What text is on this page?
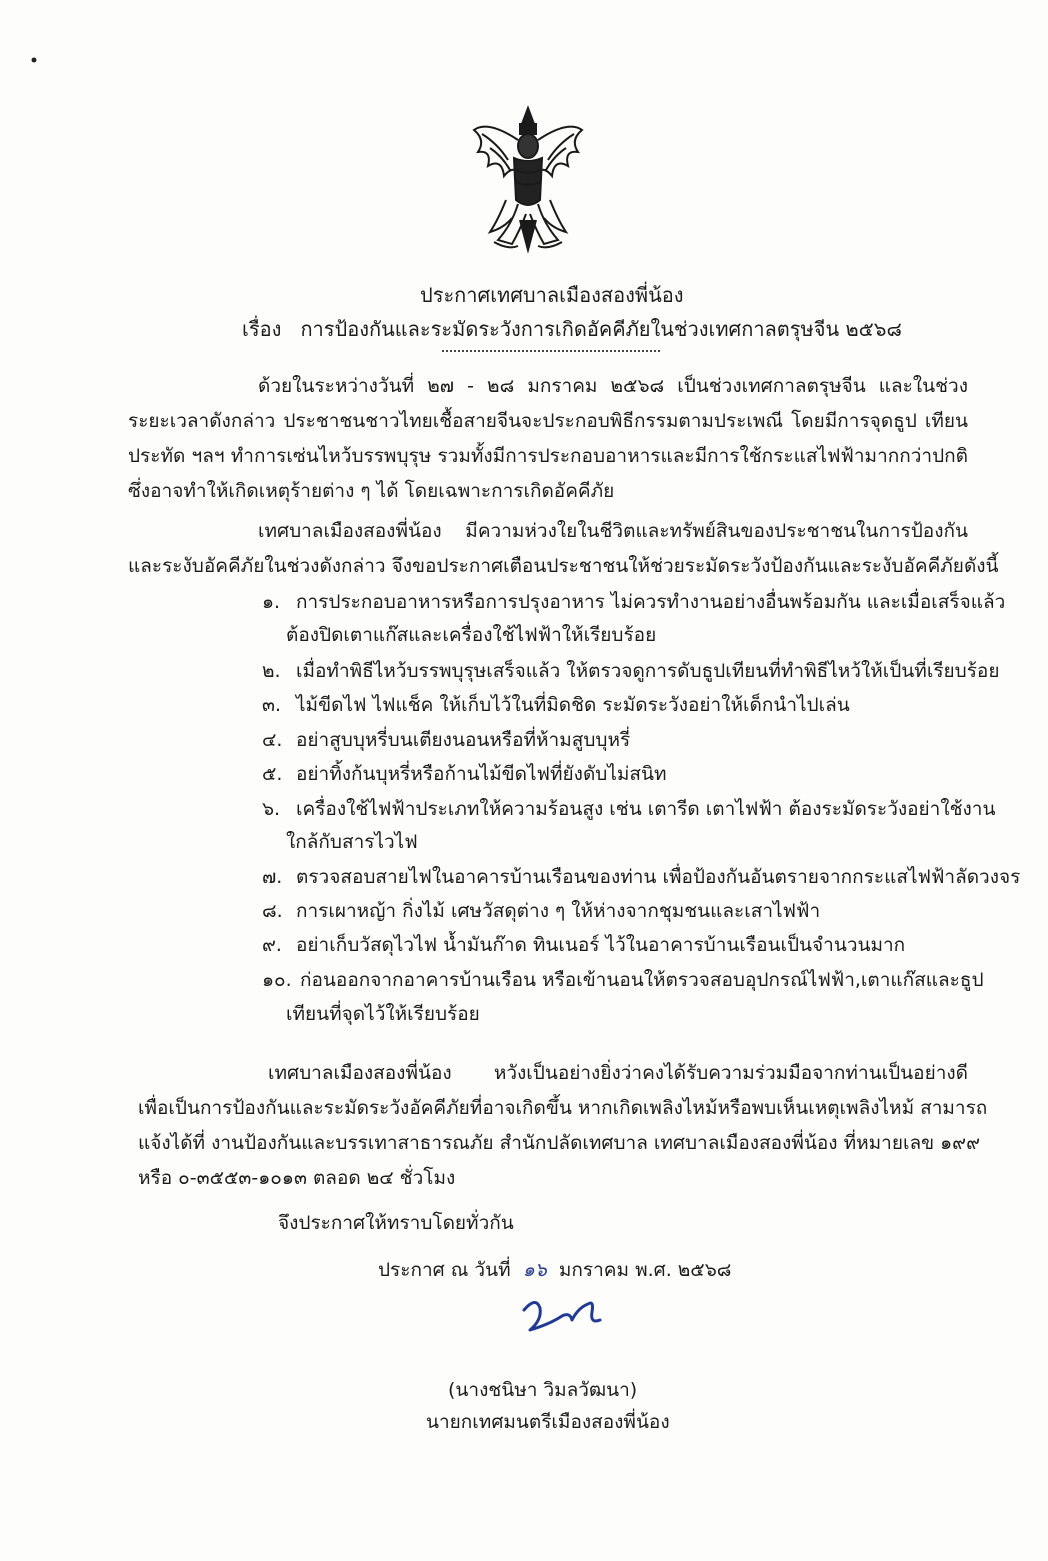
ประกาศเทศบาลเมืองสองพี่น้อง
เรื่อง การป้องกันและระมัดระวังการเกิดอัคคีภัยในช่วงเทศกาลตรุษจีน ๒๕๖๘
ด้วยในระหว่างวันที่ ๒๗ - ๒๘ มกราคม ๒๕๖๘ เป็นช่วงเทศกาลตรุษจีน และในช่วง
ระยะเวลาดังกล่าว ประชาชนชาวไทยเชื้อสายจีนจะประกอบพิธีกรรมตามประเพณี โดยมีการจุดธูป เทียน
ประทัด ฯลฯ ทำการเซ่นไหว้บรรพบุรุษ รวมทั้งมีการประกอบอาหารและมีการใช้กระแสไฟฟ้ามากกว่าปกติ
ซึ่งอาจทำให้เกิดเหตุร้ายต่าง ๆ ได้ โดยเฉพาะการเกิดอัคคีภัย
เทศบาลเมืองสองพี่น้อง มีความห่วงใยในชีวิตและทรัพย์สินของประชาชนในการป้องกัน
และระงับอัคคีภัยในช่วงดังกล่าว จึงขอประกาศเตือนประชาชนให้ช่วยระมัดระวังป้องกันและระงับอัคคีภัยดังนี้
๑. การประกอบอาหารหรือการปรุงอาหาร ไม่ควรทำงานอย่างอื่นพร้อมกัน และเมื่อเสร็จแล้ว
ต้องปิดเตาแก๊สและเครื่องใช้ไฟฟ้าให้เรียบร้อย
๒. เมื่อทำพิธีไหว้บรรพบุรุษเสร็จแล้ว ให้ตรวจดูการดับธูปเทียนที่ทำพิธีไหว้ให้เป็นที่เรียบร้อย
๓. ไม้ขีดไฟ ไฟแช็ค ให้เก็บไว้ในที่มิดชิด ระมัดระวังอย่าให้เด็กนำไปเล่น
๔. อย่าสูบบุหรี่บนเตียงนอนหรือที่ห้ามสูบบุหรี่
๕. อย่าทิ้งก้นบุหรี่หรือก้านไม้ขีดไฟที่ยังดับไม่สนิท
๖. เครื่องใช้ไฟฟ้าประเภทให้ความร้อนสูง เช่น เตารีด เตาไฟฟ้า ต้องระมัดระวังอย่าใช้งาน
ใกล้กับสารไวไฟ
๗. ตรวจสอบสายไฟในอาคารบ้านเรือนของท่าน เพื่อป้องกันอันตรายจากกระแสไฟฟ้าลัดวงจร
๘. การเผาหญ้า กิ่งไม้ เศษวัสดุต่าง ๆ ให้ห่างจากชุมชนและเสาไฟฟ้า
๙. อย่าเก็บวัสดุไวไฟ น้ำมันก๊าด ทินเนอร์ ไว้ในอาคารบ้านเรือนเป็นจำนวนมาก
๑๐. ก่อนออกจากอาคารบ้านเรือน หรือเข้านอนให้ตรวจสอบอุปกรณ์ไฟฟ้า,เตาแก๊สและธูป
เทียนที่จุดไว้ให้เรียบร้อย
เทศบาลเมืองสองพี่น้อง หวังเป็นอย่างยิ่งว่าคงได้รับความร่วมมือจากท่านเป็นอย่างดี
เพื่อเป็นการป้องกันและระมัดระวังอัคคีภัยที่อาจเกิดขึ้น หากเกิดเพลิงไหม้หรือพบเห็นเหตุเพลิงไหม้ สามารถ
แจ้งได้ที่ งานป้องกันและบรรเทาสาธารณภัย สำนักปลัดเทศบาล เทศบาลเมืองสองพี่น้อง ที่หมายเลข ๑๙๙
หรือ ๐-๓๕๕๓-๑๐๑๓ ตลอด ๒๔ ชั่วโมง
จึงประกาศให้ทราบโดยทั่วกัน
ประกาศ ณ วันที่ ๑๖ มกราคม พ.ศ. ๒๕๖๘
(นางชนิษา วิมลวัฒนา)
นายกเทศมนตรีเมืองสองพี่น้อง
